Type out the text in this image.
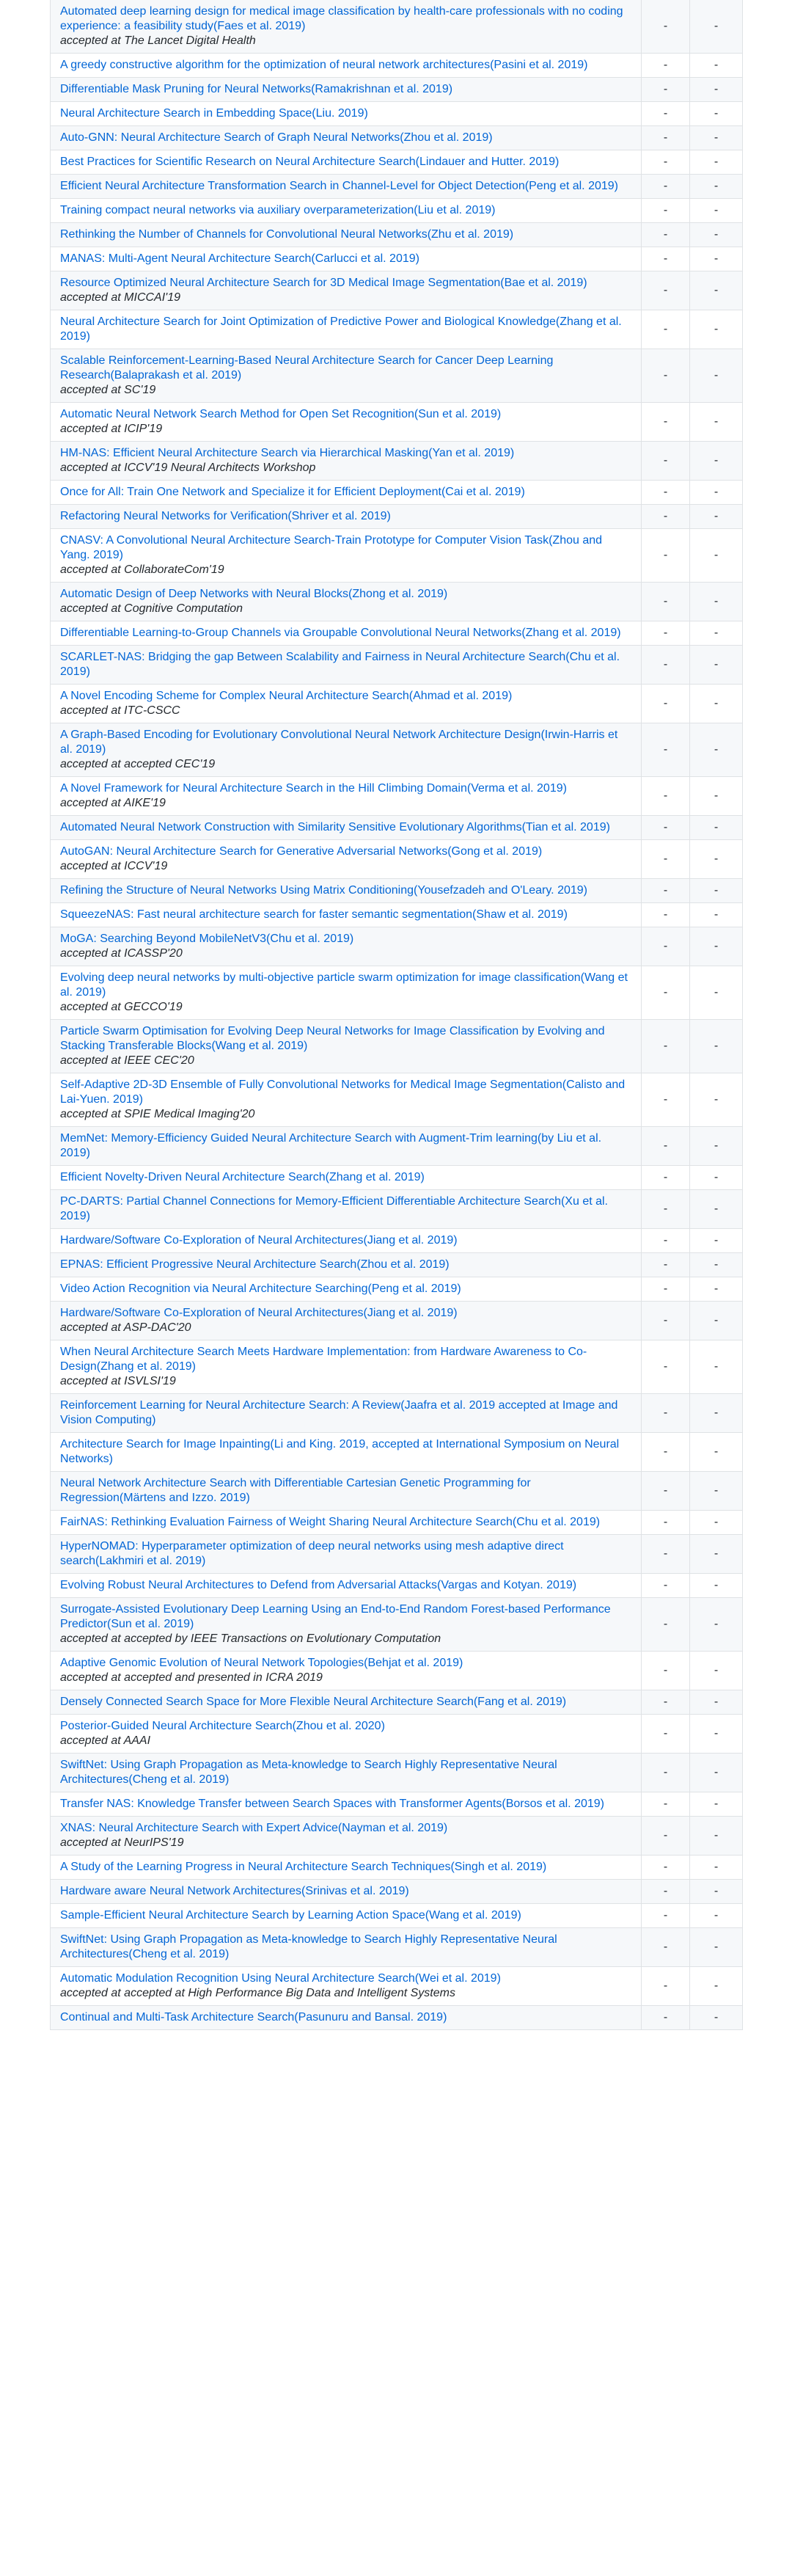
Automated deep learning design for medical image classification by health-care professionals with no coding experience: a feasibility study(Faes et al. 2019)
accepted at The Lancet Digital Health	-	-

A greedy constructive algorithm for the optimization of neural network architectures(Pasini et al. 2019)	-	-

Differentiable Mask Pruning for Neural Networks(Ramakrishnan et al. 2019)	-	-

Neural Architecture Search in Embedding Space(Liu. 2019)	-	-

Auto-GNN: Neural Architecture Search of Graph Neural Networks(Zhou et al. 2019)	-	-

Best Practices for Scientific Research on Neural Architecture Search(Lindauer and Hutter. 2019)	-	-

Efficient Neural Architecture Transformation Search in Channel-Level for Object Detection(Peng et al. 2019)	-	-

Training compact neural networks via auxiliary overparameterization(Liu et al. 2019)	-	-

Rethinking the Number of Channels for Convolutional Neural Networks(Zhu et al. 2019)	-	-

MANAS: Multi-Agent Neural Architecture Search(Carlucci et al. 2019)	-	-

Resource Optimized Neural Architecture Search for 3D Medical Image Segmentation(Bae et al. 2019)
accepted at MICCAI'19	-	-

Neural Architecture Search for Joint Optimization of Predictive Power and Biological Knowledge(Zhang et al. 2019)	-	-

Scalable Reinforcement-Learning-Based Neural Architecture Search for Cancer Deep Learning Research(Balaprakash et al. 2019)
accepted at SC'19	-	-

Automatic Neural Network Search Method for Open Set Recognition(Sun et al. 2019)
accepted at ICIP'19	-	-

HM-NAS: Efficient Neural Architecture Search via Hierarchical Masking(Yan et al. 2019)
accepted at ICCV'19 Neural Architects Workshop	-	-

Once for All: Train One Network and Specialize it for Efficient Deployment(Cai et al. 2019)	-	-

Refactoring Neural Networks for Verification(Shriver et al. 2019)	-	-

CNASV: A Convolutional Neural Architecture Search-Train Prototype for Computer Vision Task(Zhou and Yang. 2019)
accepted at CollaborateCom'19	-	-

Automatic Design of Deep Networks with Neural Blocks(Zhong et al. 2019)
accepted at Cognitive Computation	-	-

Differentiable Learning-to-Group Channels via Groupable Convolutional Neural Networks(Zhang et al. 2019)	-	-

SCARLET-NAS: Bridging the gap Between Scalability and Fairness in Neural Architecture Search(Chu et al. 2019)	-	-

A Novel Encoding Scheme for Complex Neural Architecture Search(Ahmad et al. 2019)
accepted at ITC-CSCC	-	-

A Graph-Based Encoding for Evolutionary Convolutional Neural Network Architecture Design(Irwin-Harris et al. 2019)
accepted at accepted CEC'19	-	-

A Novel Framework for Neural Architecture Search in the Hill Climbing Domain(Verma et al. 2019)
accepted at AIKE'19	-	-

Automated Neural Network Construction with Similarity Sensitive Evolutionary Algorithms(Tian et al. 2019)	-	-

AutoGAN: Neural Architecture Search for Generative Adversarial Networks(Gong et al. 2019)
accepted at ICCV'19	-	-

Refining the Structure of Neural Networks Using Matrix Conditioning(Yousefzadeh and O'Leary. 2019)	-	-

SqueezeNAS: Fast neural architecture search for faster semantic segmentation(Shaw et al. 2019)	-	-

MoGA: Searching Beyond MobileNetV3(Chu et al. 2019)
accepted at ICASSP'20	-	-

Evolving deep neural networks by multi-objective particle swarm optimization for image classification(Wang et al. 2019)
accepted at GECCO'19	-	-

Particle Swarm Optimisation for Evolving Deep Neural Networks for Image Classification by Evolving and Stacking Transferable Blocks(Wang et al. 2019)
accepted at IEEE CEC'20	-	-

Self-Adaptive 2D-3D Ensemble of Fully Convolutional Networks for Medical Image Segmentation(Calisto and Lai-Yuen. 2019)
accepted at SPIE Medical Imaging'20	-	-

MemNet: Memory-Efficiency Guided Neural Architecture Search with Augment-Trim learning(by Liu et al. 2019)	-	-

Efficient Novelty-Driven Neural Architecture Search(Zhang et al. 2019)	-	-

PC-DARTS: Partial Channel Connections for Memory-Efficient Differentiable Architecture Search(Xu et al. 2019)	-	-

Hardware/Software Co-Exploration of Neural Architectures(Jiang et al. 2019)	-	-

EPNAS: Efficient Progressive Neural Architecture Search(Zhou et al. 2019)	-	-

Video Action Recognition via Neural Architecture Searching(Peng et al. 2019)	-	-

Hardware/Software Co-Exploration of Neural Architectures(Jiang et al. 2019)
accepted at ASP-DAC'20	-	-

When Neural Architecture Search Meets Hardware Implementation: from Hardware Awareness to Co-Design(Zhang et al. 2019)
accepted at ISVLSI'19	-	-

Reinforcement Learning for Neural Architecture Search: A Review(Jaafra et al. 2019 accepted at Image and Vision Computing)	-	-

Architecture Search for Image Inpainting(Li and King. 2019, accepted at International Symposium on Neural Networks)	-	-

Neural Network Architecture Search with Differentiable Cartesian Genetic Programming for Regression(Märtens and Izzo. 2019)	-	-

FairNAS: Rethinking Evaluation Fairness of Weight Sharing Neural Architecture Search(Chu et al. 2019)	-	-

HyperNOMAD: Hyperparameter optimization of deep neural networks using mesh adaptive direct search(Lakhmiri et al. 2019)	-	-

Evolving Robust Neural Architectures to Defend from Adversarial Attacks(Vargas and Kotyan. 2019)	-	-

Surrogate-Assisted Evolutionary Deep Learning Using an End-to-End Random Forest-based Performance Predictor(Sun et al. 2019)
accepted at accepted by IEEE Transactions on Evolutionary Computation	-	-

Adaptive Genomic Evolution of Neural Network Topologies(Behjat et al. 2019)
accepted at accepted and presented in ICRA 2019	-	-

Densely Connected Search Space for More Flexible Neural Architecture Search(Fang et al. 2019)	-	-

Posterior-Guided Neural Architecture Search(Zhou et al. 2020)
accepted at AAAI	-	-

SwiftNet: Using Graph Propagation as Meta-knowledge to Search Highly Representative Neural Architectures(Cheng et al. 2019)	-	-

Transfer NAS: Knowledge Transfer between Search Spaces with Transformer Agents(Borsos et al. 2019)	-	-

XNAS: Neural Architecture Search with Expert Advice(Nayman et al. 2019)
accepted at NeurIPS'19	-	-

A Study of the Learning Progress in Neural Architecture Search Techniques(Singh et al. 2019)	-	-

Hardware aware Neural Network Architectures(Srinivas et al. 2019)	-	-

Sample-Efficient Neural Architecture Search by Learning Action Space(Wang et al. 2019)	-	-

SwiftNet: Using Graph Propagation as Meta-knowledge to Search Highly Representative Neural Architectures(Cheng et al. 2019)	-	-

Automatic Modulation Recognition Using Neural Architecture Search(Wei et al. 2019)
accepted at accepted at High Performance Big Data and Intelligent Systems	-	-

Continual and Multi-Task Architecture Search(Pasunuru and Bansal. 2019)	-	-
